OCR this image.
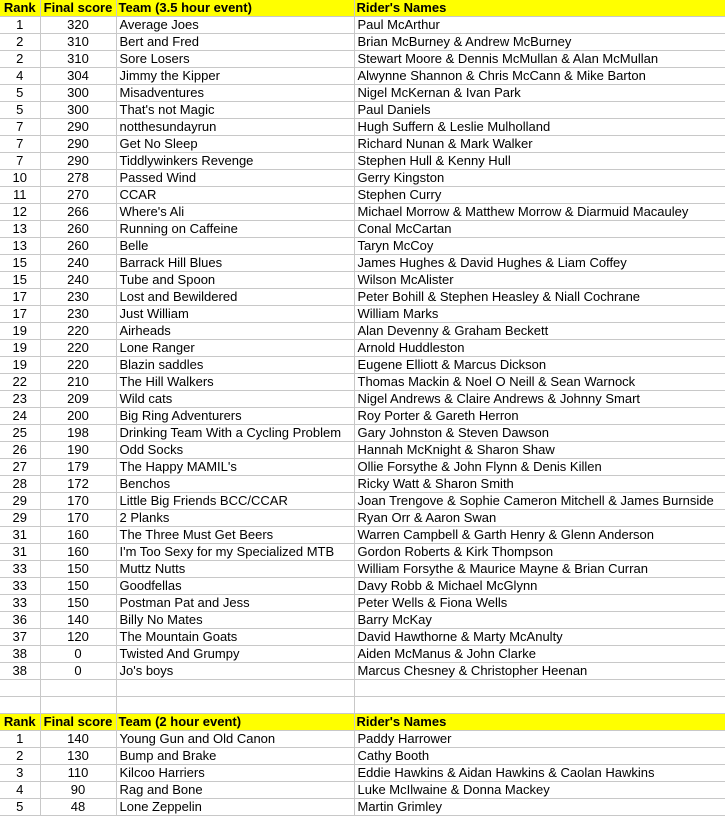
Rank	Final score	Team (3.5 hour event)	Rider's Names
1	320	Average Joes	Paul McArthur
2	310	Bert and Fred	Brian McBurney & Andrew McBurney
2	310	Sore Losers	Stewart Moore & Dennis McMullan & Alan McMullan
4	304	Jimmy the Kipper	Alwynne Shannon & Chris McCann & Mike Barton
5	300	Misadventures	Nigel McKernan & Ivan Park
5	300	That's not Magic	Paul Daniels
7	290	notthesundayrun	Hugh Suffern & Leslie Mulholland
7	290	Get No Sleep	Richard Nunan & Mark Walker
7	290	Tiddlywinkers Revenge	Stephen Hull & Kenny Hull
10	278	Passed Wind	Gerry Kingston
11	270	CCAR	Stephen Curry
12	266	Where's Ali	Michael Morrow & Matthew Morrow & Diarmuid Macauley
13	260	Running on Caffeine	Conal McCartan
13	260	Belle	Taryn McCoy
15	240	Barrack Hill Blues	James Hughes & David Hughes & Liam Coffey
15	240	Tube and Spoon	Wilson McAlister
17	230	Lost and Bewildered	Peter Bohill & Stephen Heasley & Niall Cochrane
17	230	Just William	William Marks
19	220	Airheads	Alan Devenny & Graham Beckett
19	220	Lone Ranger	Arnold Huddleston
19	220	Blazin saddles	Eugene Elliott & Marcus Dickson
22	210	The Hill Walkers	Thomas Mackin & Noel O Neill & Sean Warnock
23	209	Wild cats	Nigel Andrews & Claire Andrews & Johnny Smart
24	200	Big Ring Adventurers	Roy Porter & Gareth Herron
25	198	Drinking Team With a Cycling Problem	Gary Johnston & Steven Dawson
26	190	Odd Socks	Hannah McKnight & Sharon Shaw
27	179	The Happy MAMIL's	Ollie Forsythe & John Flynn & Denis Killen
28	172	Benchos	Ricky Watt & Sharon Smith
29	170	Little Big Friends BCC/CCAR	Joan Trengove & Sophie Cameron Mitchell & James Burnside
29	170	2 Planks	Ryan Orr & Aaron Swan
31	160	The Three Must Get Beers	Warren Campbell & Garth Henry & Glenn Anderson
31	160	I'm Too Sexy for my Specialized MTB	Gordon Roberts & Kirk Thompson
33	150	Muttz Nutts	William Forsythe & Maurice Mayne & Brian Curran
33	150	Goodfellas	Davy Robb & Michael McGlynn
33	150	Postman Pat and Jess	Peter Wells & Fiona Wells
36	140	Billy No Mates	Barry McKay
37	120	The Mountain Goats	David Hawthorne & Marty McAnulty
38	0	Twisted And Grumpy	Aiden McManus & John Clarke
38	0	Jo's boys	Marcus Chesney & Christopher Heenan

Rank	Final score	Team (2 hour event)	Rider's Names
1	140	Young Gun and Old Canon	Paddy Harrower
2	130	Bump and Brake	Cathy Booth
3	110	Kilcoo Harriers	Eddie Hawkins & Aidan Hawkins & Caolan Hawkins
4	90	Rag and Bone	Luke McIlwaine & Donna Mackey
5	48	Lone Zeppelin	Martin Grimley
